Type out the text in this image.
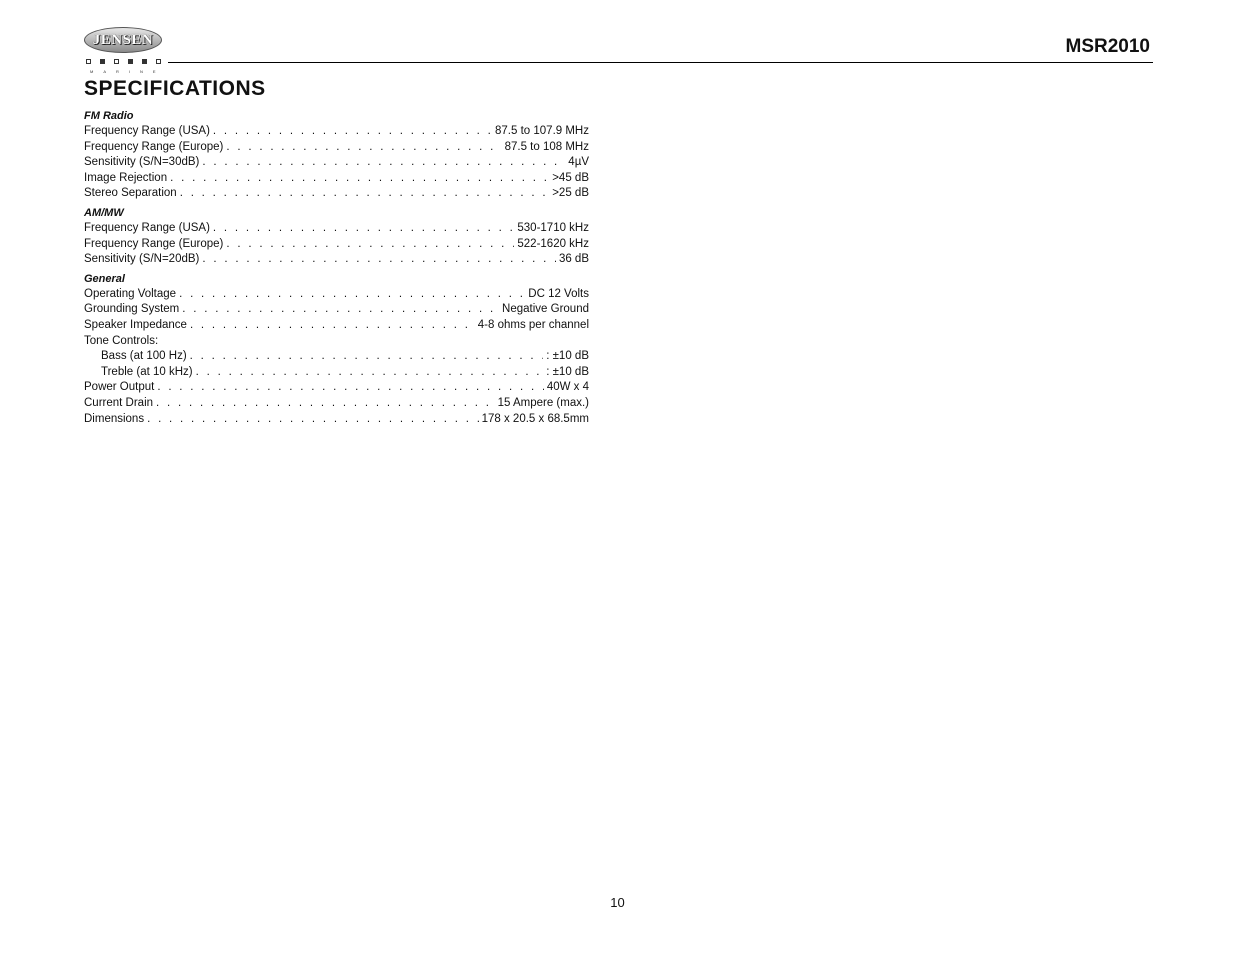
JENSEN
MARINE
MSR2010
SPECIFICATIONS
FM Radio
Frequency Range (USA) . . .	87.5 to 107.9 MHz
Frequency Range (Europe) . . .	87.5 to 108 MHz
Sensitivity (S/N=30dB) . . .	4µV
Image Rejection . . .	>45 dB
Stereo Separation . . .	>25 dB
AM/MW
Frequency Range (USA) . . .	530-1710 kHz
Frequency Range (Europe) . . .	522-1620 kHz
Sensitivity (S/N=20dB) . . .	36 dB
General
Operating Voltage . . .	DC 12 Volts
Grounding System . . .	Negative Ground
Speaker Impedance . . .	4-8 ohms per channel
Tone Controls:
Bass (at 100 Hz) . . .	: ±10 dB
Treble (at 10 kHz) . . .	: ±10 dB
Power Output . . .	40W x 4
Current Drain . . .	15 Ampere (max.)
Dimensions . . .	178 x 20.5 x 68.5mm
10
